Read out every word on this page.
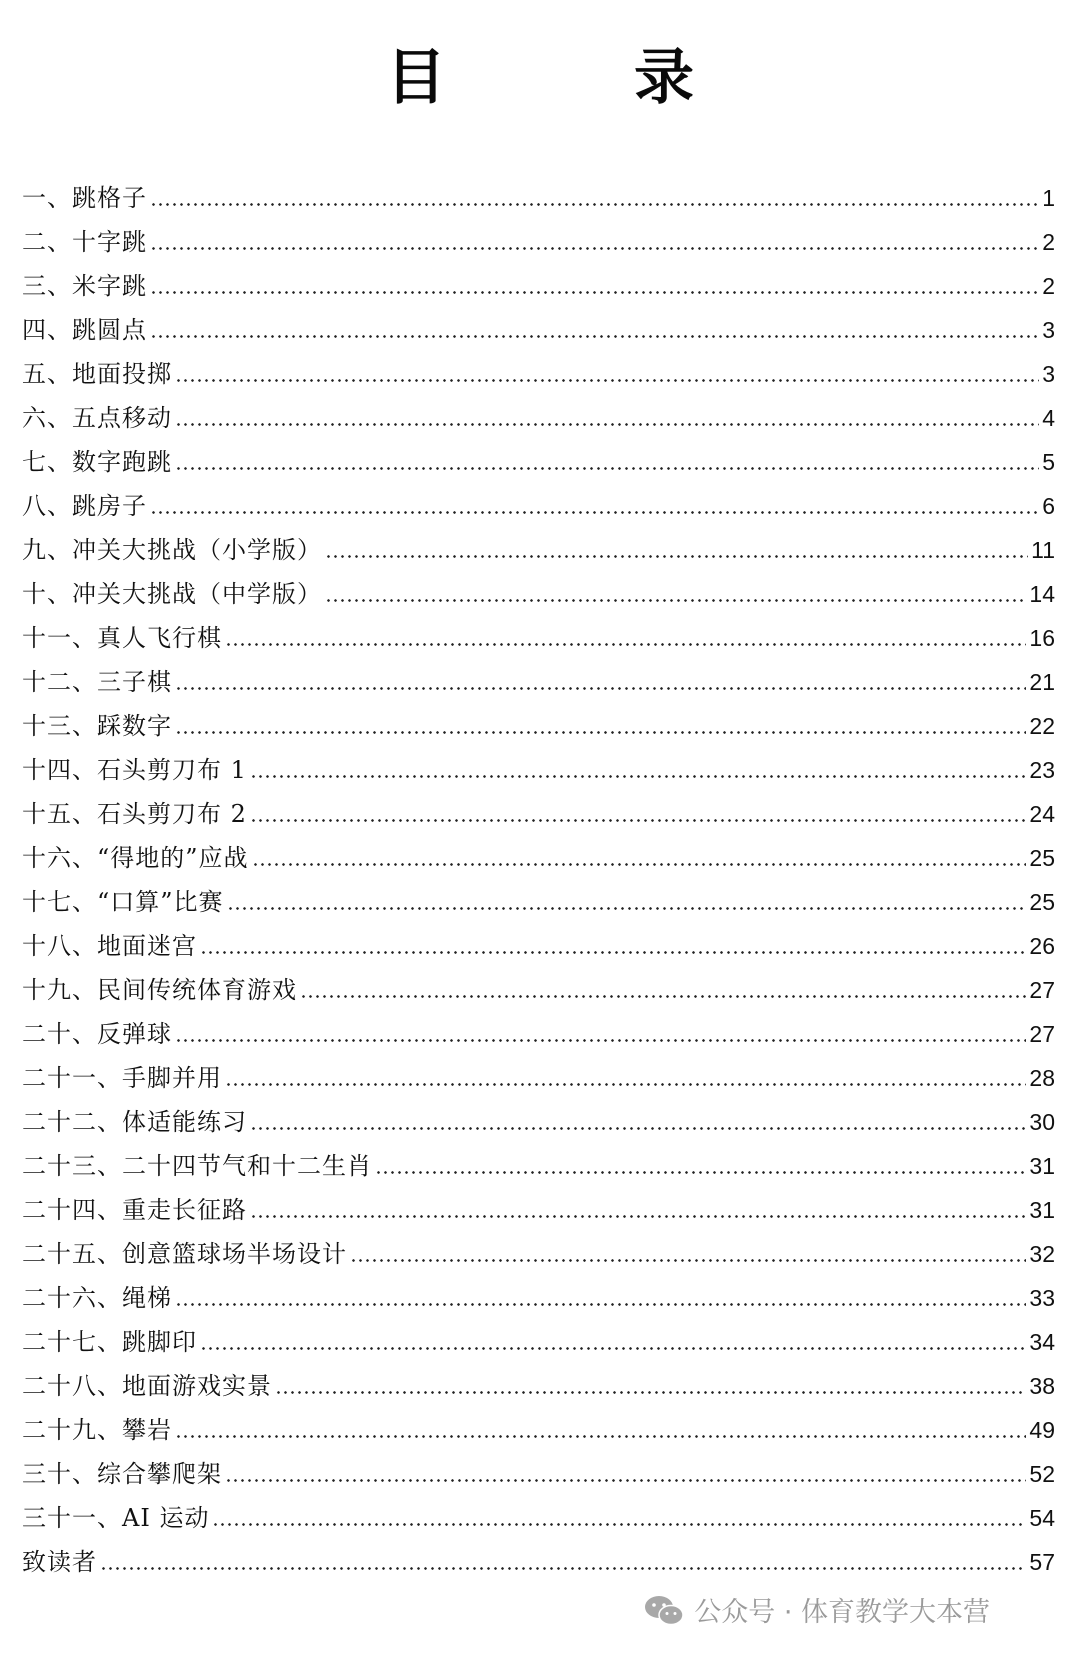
目　录
一、跳格子	1
二、十字跳	2
三、米字跳	2
四、跳圆点	3
五、地面投掷	3
六、五点移动	4
七、数字跑跳	5
八、跳房子	6
九、冲关大挑战（小学版）	11
十、冲关大挑战（中学版）	14
十一、真人飞行棋	16
十二、三子棋	21
十三、踩数字	22
十四、石头剪刀布 1	23
十五、石头剪刀布 2	24
十六、“得地的”应战	25
十七、“口算”比赛	25
十八、地面迷宫	26
十九、民间传统体育游戏	27
二十、反弹球	27
二十一、手脚并用	28
二十二、体适能练习	30
二十三、二十四节气和十二生肖	31
二十四、重走长征路	31
二十五、创意篮球场半场设计	32
二十六、绳梯	33
二十七、跳脚印	34
二十八、地面游戏实景	38
二十九、攀岩	49
三十、综合攀爬架	52
三十一、AI 运动	54
致读者	57
公众号 · 体育教学大本营
